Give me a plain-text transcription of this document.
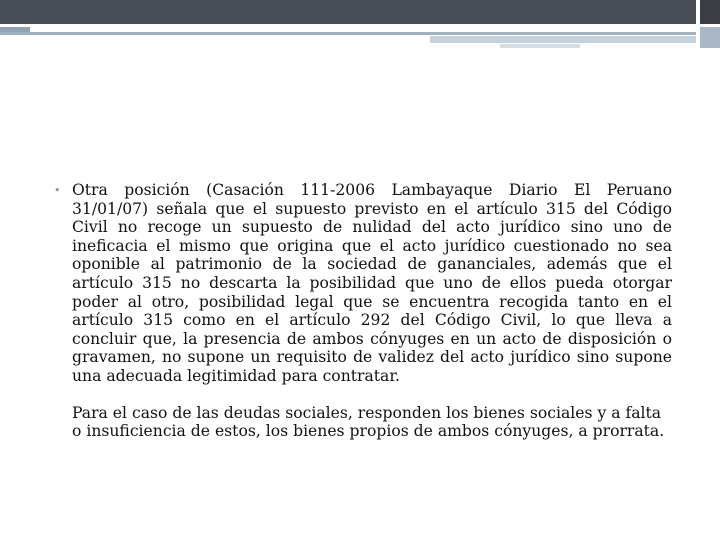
• Otra posición (Casación 111-2006 Lambayaque Diario El Peruano 31/01/07) señala que el supuesto previsto en el artículo 315 del Código Civil no recoge un supuesto de nulidad del acto jurídico sino uno de ineficacia el mismo que origina que el acto jurídico cuestionado no sea oponible al patrimonio de la sociedad de gananciales, además que el artículo 315 no descarta la posibilidad que uno de ellos pueda otorgar poder al otro, posibilidad legal que se encuentra recogida tanto en el artículo 315 como en el artículo 292 del Código Civil, lo que lleva a concluir que, la presencia de ambos cónyuges en un acto de disposición o gravamen, no supone un requisito de validez del acto jurídico sino supone una adecuada legitimidad para contratar.

Para el caso de las deudas sociales, responden los bienes sociales y a falta o insuficiencia de estos, los bienes propios de ambos cónyuges, a prorrata.
